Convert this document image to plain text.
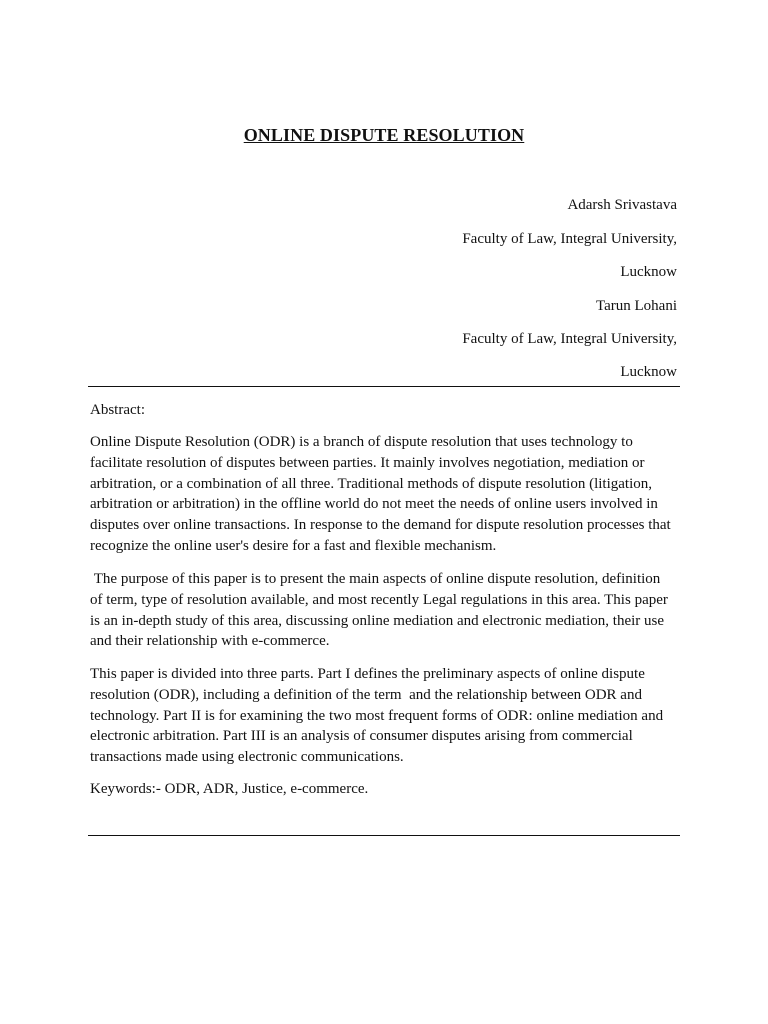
ONLINE DISPUTE RESOLUTION
Adarsh Srivastava
Faculty of Law, Integral University,
Lucknow
Tarun Lohani
Faculty of Law, Integral University,
Lucknow
Abstract:
Online Dispute Resolution (ODR) is a branch of dispute resolution that uses technology to
facilitate resolution of disputes between parties. It mainly involves negotiation, mediation or
arbitration, or a combination of all three. Traditional methods of dispute resolution (litigation,
arbitration or arbitration) in the offline world do not meet the needs of online users involved in
disputes over online transactions. In response to the demand for dispute resolution processes that
recognize the online user's desire for a fast and flexible mechanism.
The purpose of this paper is to present the main aspects of online dispute resolution, definition
of term, type of resolution available, and most recently Legal regulations in this area. This paper
is an in-depth study of this area, discussing online mediation and electronic mediation, their use
and their relationship with e-commerce.
This paper is divided into three parts. Part I defines the preliminary aspects of online dispute
resolution (ODR), including a definition of the term  and the relationship between ODR and
technology. Part II is for examining the two most frequent forms of ODR: online mediation and
electronic arbitration. Part III is an analysis of consumer disputes arising from commercial
transactions made using electronic communications.
Keywords:- ODR, ADR, Justice, e-commerce.
